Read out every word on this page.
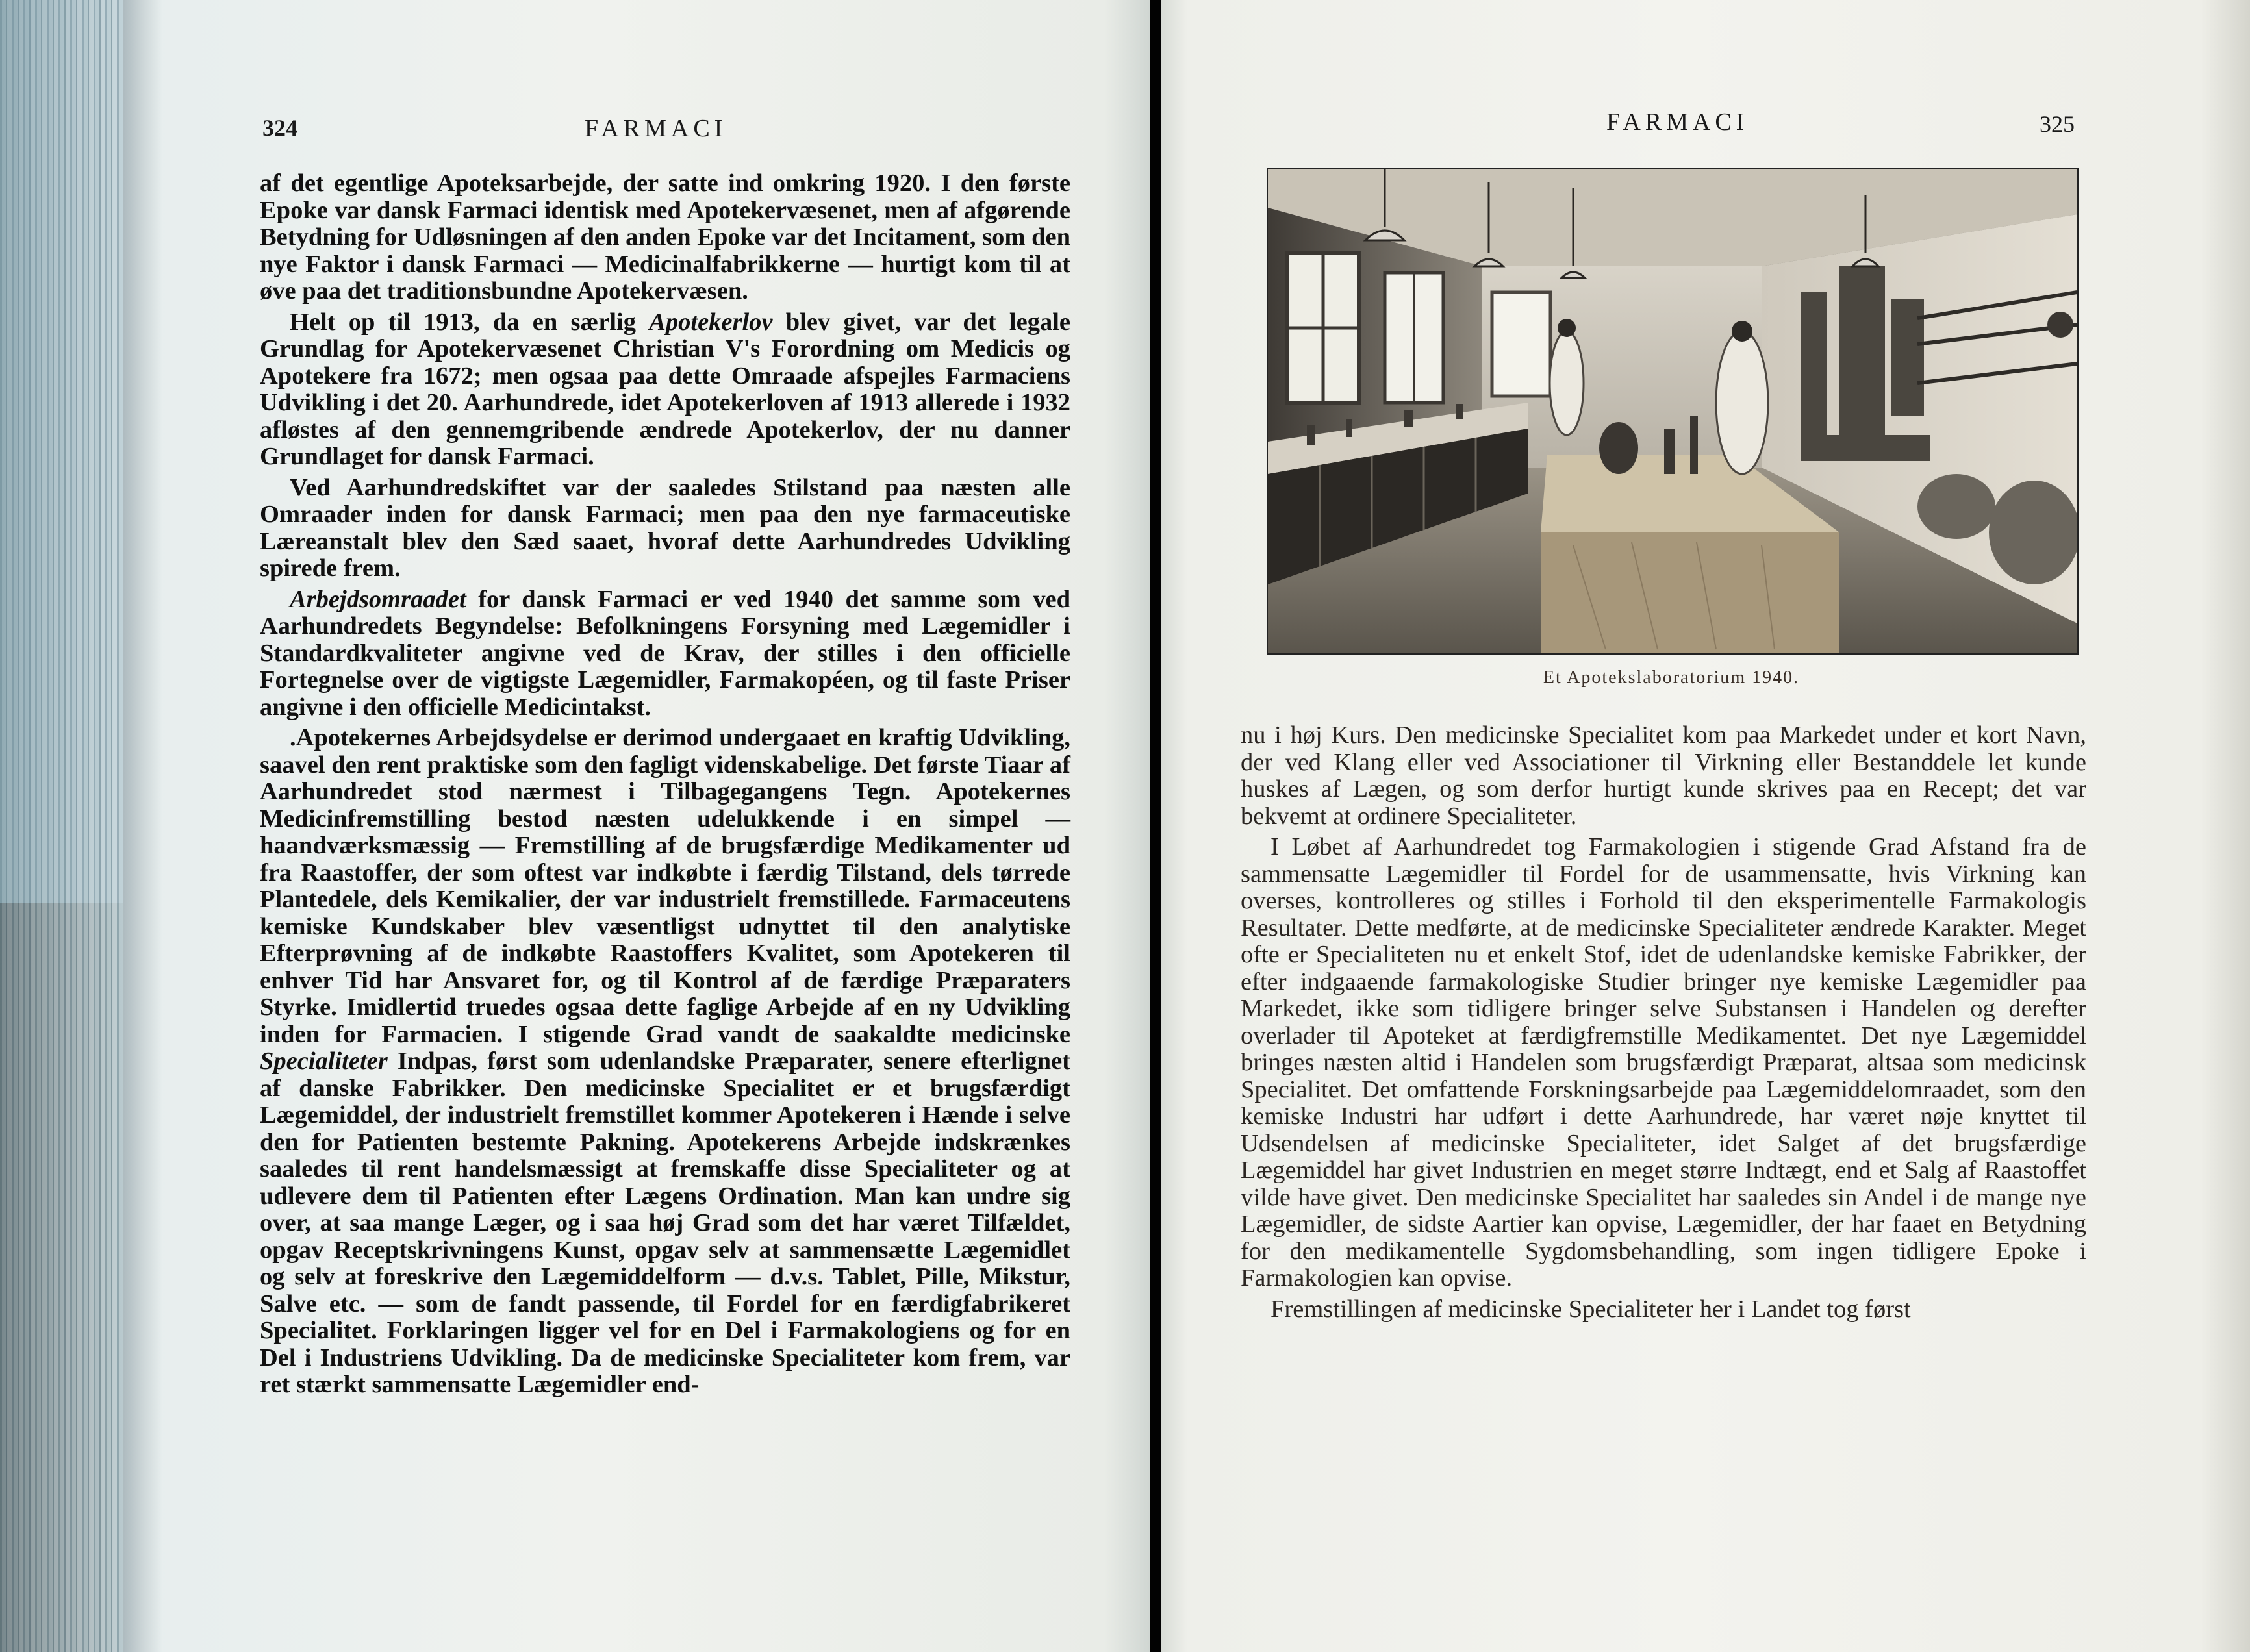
324	FARMACI

af det egentlige Apoteksarbejde, der satte ind omkring 1920. I den første Epoke var dansk Farmaci identisk med Apotekervæsenet, men af afgørende Betydning for Udløsningen af den anden Epoke var det Incitament, som den nye Faktor i dansk Farmaci — Medicinalfabrikkerne — hurtigt kom til at øve paa det traditionsbundne Apotekervæsen.

Helt op til 1913, da en særlig Apotekerlov blev givet, var det legale Grundlag for Apotekervæsenet Christian V's Forordning om Medicis og Apotekere fra 1672; men ogsaa paa dette Omraade afspejles Farmaciens Udvikling i det 20. Aarhundrede, idet Apotekerloven af 1913 allerede i 1932 afløstes af den gennemgribende ændrede Apotekerlov, der nu danner Grundlaget for dansk Farmaci.

Ved Aarhundredskiftet var der saaledes Stilstand paa næsten alle Omraader inden for dansk Farmaci; men paa den nye farmaceutiske Læreanstalt blev den Sæd saaet, hvoraf dette Aarhundredes Udvikling spirede frem.

Arbejdsomraadet for dansk Farmaci er ved 1940 det samme som ved Aarhundredets Begyndelse: Befolkningens Forsyning med Lægemidler i Standardkvaliteter angivne ved de Krav, der stilles i den officielle Fortegnelse over de vigtigste Lægemidler, Farmakopéen, og til faste Priser angivne i den officielle Medicintakst.

.Apotekernes Arbejdsydelse er derimod undergaaet en kraftig Udvikling, saavel den rent praktiske som den fagligt videnskabelige. Det første Tiaar af Aarhundredet stod nærmest i Tilbagegangens Tegn. Apotekernes Medicinfremstilling bestod næsten udelukkende i en simpel — haandværksmæssig — Fremstilling af de brugsfærdige Medikamenter ud fra Raastoffer, der som oftest var indkøbte i færdig Tilstand, dels tørrede Plantedele, dels Kemikalier, der var industrielt fremstillede. Farmaceutens kemiske Kundskaber blev væsentligst udnyttet til den analytiske Efterprøvning af de indkøbte Raastoffers Kvalitet, som Apotekeren til enhver Tid har Ansvaret for, og til Kontrol af de færdige Præparaters Styrke. Imidlertid truedes ogsaa dette faglige Arbejde af en ny Udvikling inden for Farmacien. I stigende Grad vandt de saakaldte medicinske Specialiteter Indpas, først som udenlandske Præparater, senere efterlignet af danske Fabrikker. Den medicinske Specialitet er et brugsfærdigt Lægemiddel, der industrielt fremstillet kommer Apotekeren i Hænde i selve den for Patienten bestemte Pakning. Apotekerens Arbejde indskrænkes saaledes til rent handelsmæssigt at fremskaffe disse Specialiteter og at udlevere dem til Patienten efter Lægens Ordination. Man kan undre sig over, at saa mange Læger, og i saa høj Grad som det har været Tilfældet, opgav Receptskrivningens Kunst, opgav selv at sammensætte Lægemidlet og selv at foreskrive den Lægemiddelform — d.v.s. Tablet, Pille, Mikstur, Salve etc. — som de fandt passende, til Fordel for en færdigfabrikeret Specialitet. Forklaringen ligger vel for en Del i Farmakologiens og for en Del i Industriens Udvikling. Da de medicinske Specialiteter kom frem, var ret stærkt sammensatte Lægemidler end-

FARMACI	325
Et Apotekslaboratorium 1940.

nu i høj Kurs. Den medicinske Specialitet kom paa Markedet under et kort Navn, der ved Klang eller ved Associationer til Virkning eller Bestanddele let kunde huskes af Lægen, og som derfor hurtigt kunde skrives paa en Recept; det var bekvemt at ordinere Specialiteter.

I Løbet af Aarhundredet tog Farmakologien i stigende Grad Afstand fra de sammensatte Lægemidler til Fordel for de usammensatte, hvis Virkning kan overses, kontrolleres og stilles i Forhold til den eksperimentelle Farmakologis Resultater. Dette medførte, at de medicinske Specialiteter ændrede Karakter. Meget ofte er Specialiteten nu et enkelt Stof, idet de udenlandske kemiske Fabrikker, der efter indgaaende farmakologiske Studier bringer nye kemiske Lægemidler paa Markedet, ikke som tidligere bringer selve Substansen i Handelen og derefter overlader til Apoteket at færdigfremstille Medikamentet. Det nye Lægemiddel bringes næsten altid i Handelen som brugsfærdigt Præparat, altsaa som medicinsk Specialitet. Det omfattende Forskningsarbejde paa Lægemiddelomraadet, som den kemiske Industri har udført i dette Aarhundrede, har været nøje knyttet til Udsendelsen af medicinske Specialiteter, idet Salget af det brugsfærdige Lægemiddel har givet Industrien en meget større Indtægt, end et Salg af Raastoffet vilde have givet. Den medicinske Specialitet har saaledes sin Andel i de mange nye Lægemidler, de sidste Aartier kan opvise, Lægemidler, der har faaet en Betydning for den medikamentelle Sygdomsbehandling, som ingen tidligere Epoke i Farmakologien kan opvise.

Fremstillingen af medicinske Specialiteter her i Landet tog først
